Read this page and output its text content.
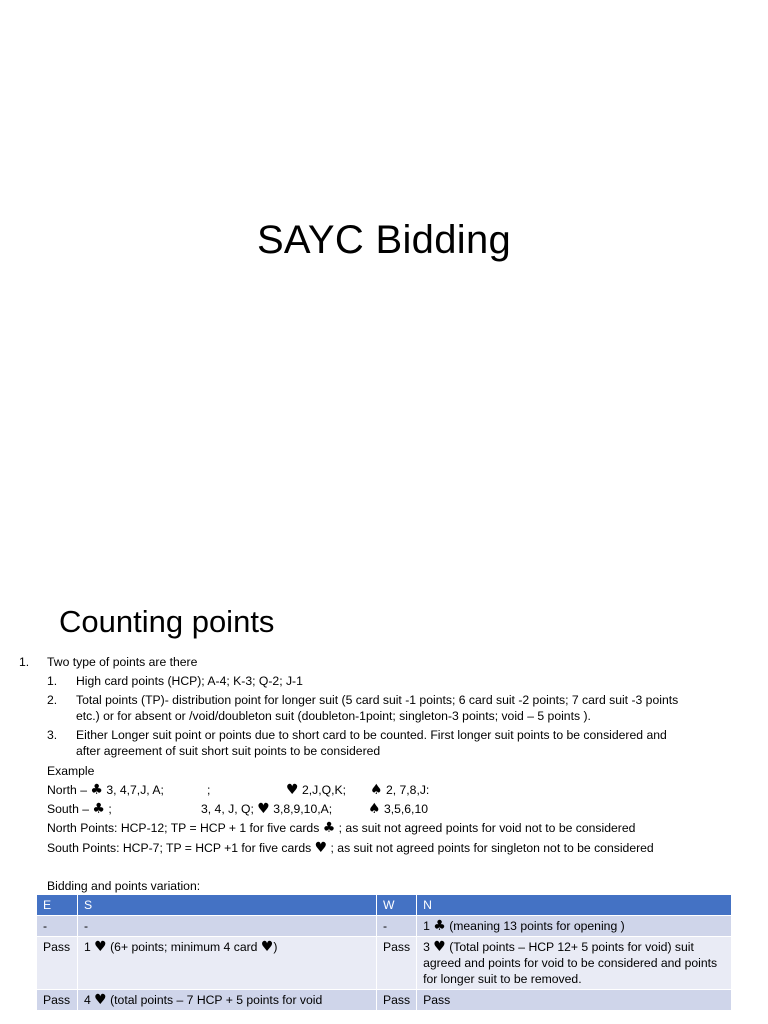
SAYC Bidding
Counting points
1. Two type of points are there
1. High card points (HCP); A-4; K-3; Q-2; J-1
2. Total points (TP)- distribution point for longer suit (5 card suit -1 points; 6 card suit -2 points; 7 card suit -3 points
etc.) or for absent or /void/doubleton suit (doubleton-1point; singleton-3 points; void – 5 points ).
3. Either Longer suit point or points due to short card to be counted. First longer suit points to be considered and
after agreement of suit short suit points to be considered
Example
North – ♣ 3, 4,7,J, A;	;	♥ 2,J,Q,K; ♠ 2, 7,8,J:
South – ♣ ;	3, 4, J, Q; ♥ 3,8,9,10,A;	♠ 3,5,6,10
North Points: HCP-12; TP = HCP + 1 for five cards ♣ ; as suit not agreed points for void not to be considered
South Points: HCP-7; TP = HCP +1 for five cards ♥ ; as suit not agreed points for singleton not to be considered
Bidding and points variation:
E	S	W	N
-	-	-	1 ♣ (meaning 13 points for opening )
Pass	1 ♥ (6+ points; minimum 4 card ♥)	Pass	3 ♥ (Total points – HCP 12+ 5 points for void) suit agreed and points for void to be considered and points for longer suit to be removed.
Pass	4 ♥ (total points – 7 HCP + 5 points for void	Pass	Pass
